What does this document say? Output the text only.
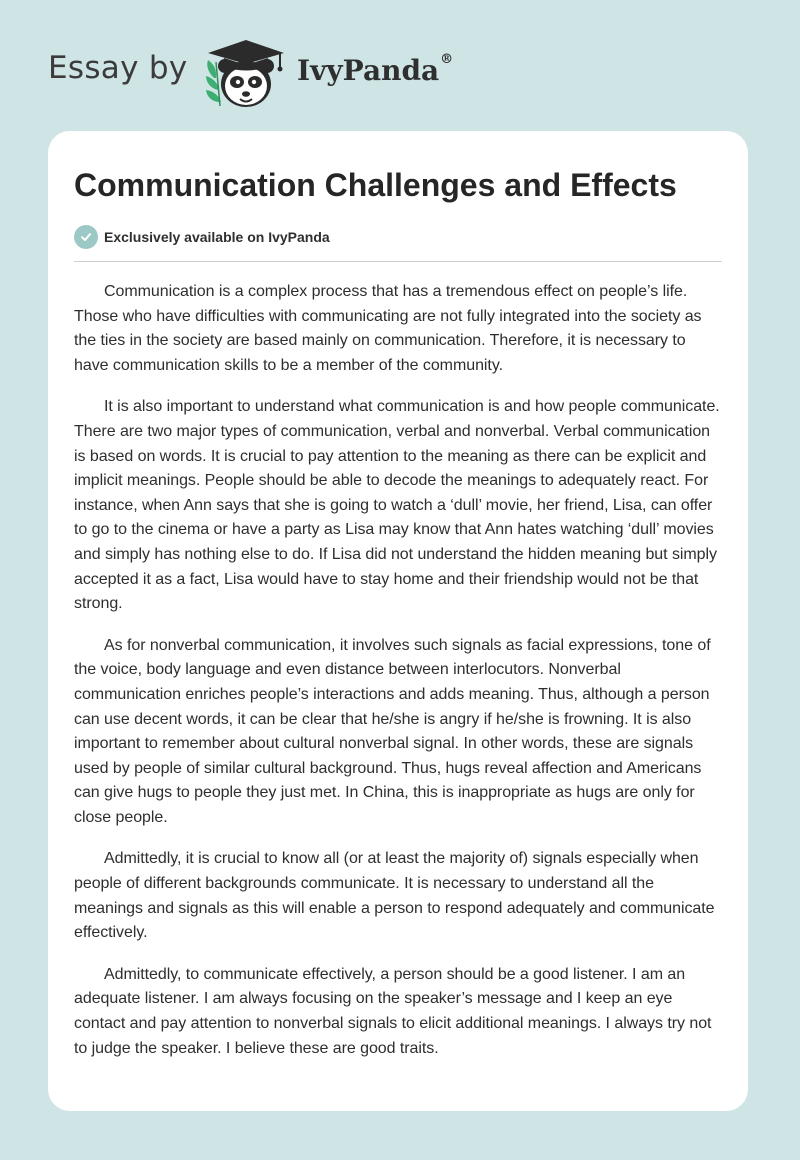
Essay by	IvyPanda®
Communication Challenges and Effects
Exclusively available on IvyPanda

Communication is a complex process that has a tremendous effect on people’s life. Those who have difficulties with communicating are not fully integrated into the society as the ties in the society are based mainly on communication. Therefore, it is necessary to have communication skills to be a member of the community.

It is also important to understand what communication is and how people communicate. There are two major types of communication, verbal and nonverbal. Verbal communication is based on words. It is crucial to pay attention to the meaning as there can be explicit and implicit meanings. People should be able to decode the meanings to adequately react. For instance, when Ann says that she is going to watch a ‘dull’ movie, her friend, Lisa, can offer to go to the cinema or have a party as Lisa may know that Ann hates watching ‘dull’ movies and simply has nothing else to do. If Lisa did not understand the hidden meaning but simply accepted it as a fact, Lisa would have to stay home and their friendship would not be that strong.

As for nonverbal communication, it involves such signals as facial expressions, tone of the voice, body language and even distance between interlocutors. Nonverbal communication enriches people’s interactions and adds meaning. Thus, although a person can use decent words, it can be clear that he/she is angry if he/she is frowning. It is also important to remember about cultural nonverbal signal. In other words, these are signals used by people of similar cultural background. Thus, hugs reveal affection and Americans can give hugs to people they just met. In China, this is inappropriate as hugs are only for close people.

Admittedly, it is crucial to know all (or at least the majority of) signals especially when people of different backgrounds communicate. It is necessary to understand all the meanings and signals as this will enable a person to respond adequately and communicate effectively.

Admittedly, to communicate effectively, a person should be a good listener. I am an adequate listener. I am always focusing on the speaker’s message and I keep an eye contact and pay attention to nonverbal signals to elicit additional meanings. I always try not to judge the speaker. I believe these are good traits.
